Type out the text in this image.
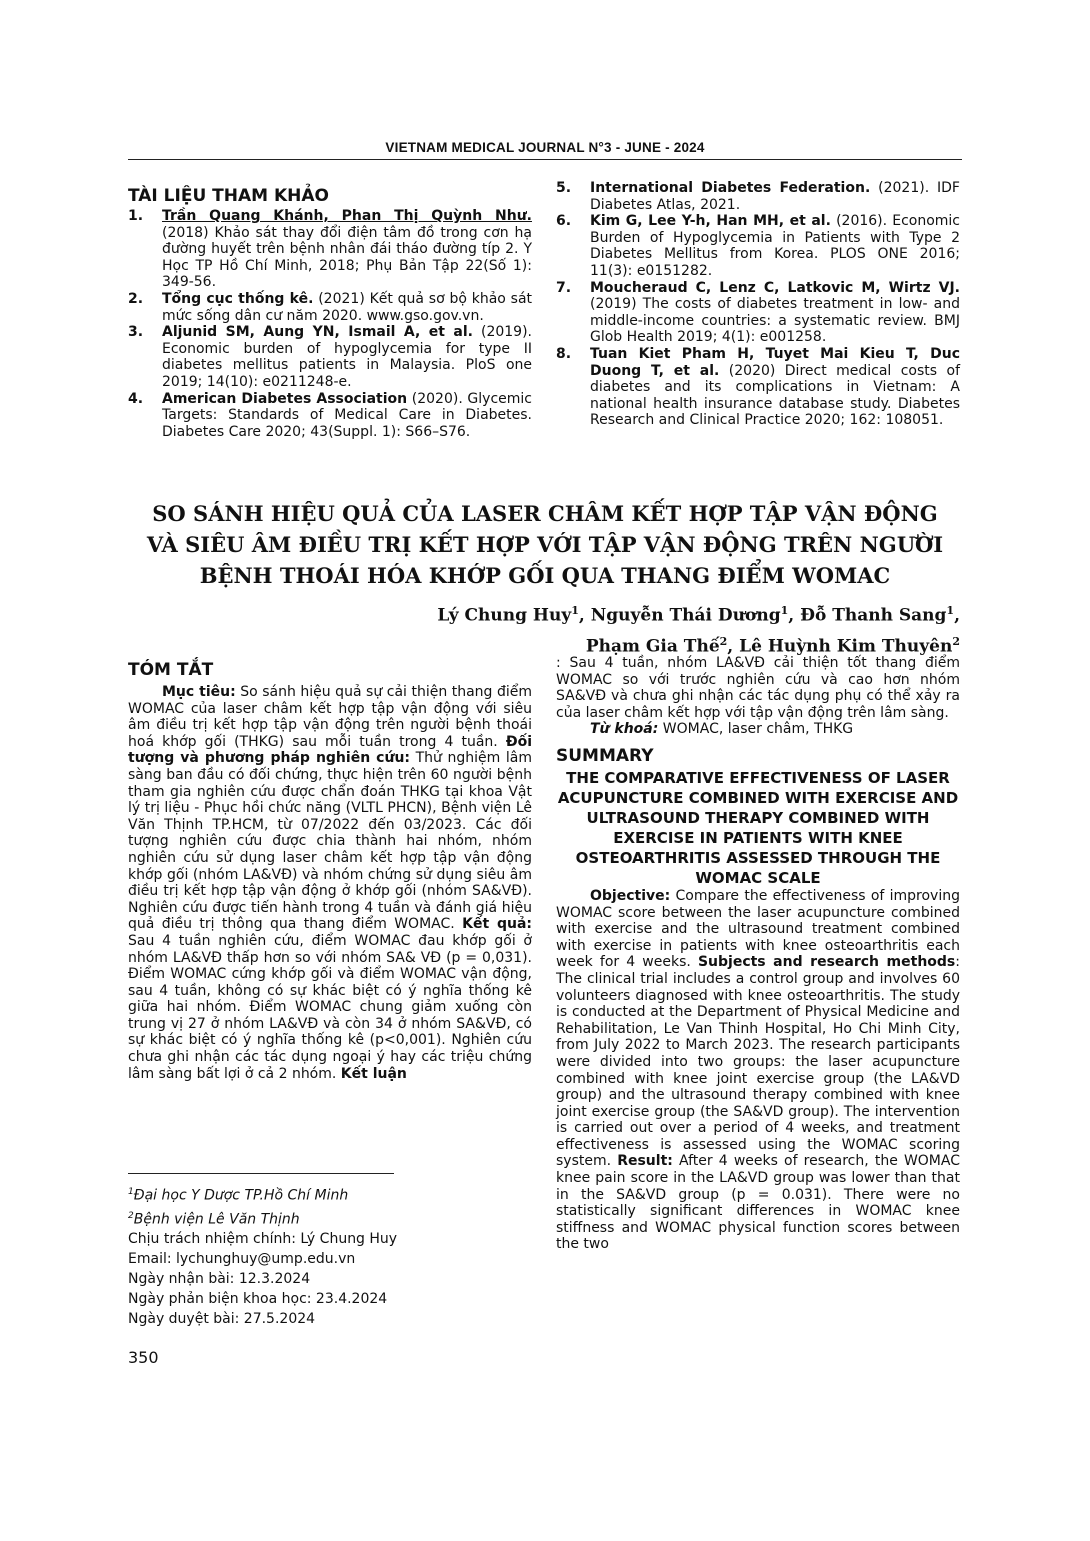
VIETNAM MEDICAL JOURNAL N°3 - JUNE - 2024
TÀI LIỆU THAM KHẢO
1.	Trần Quang Khánh, Phan Thị Quỳnh Như. (2018) Khảo sát thay đổi điện tâm đồ trong cơn hạ đường huyết trên bệnh nhân đái tháo đường típ 2. Y Học TP Hồ Chí Minh, 2018; Phụ Bản Tập 22(Số 1): 349-56.
2.	Tổng cục thống kê. (2021) Kết quả sơ bộ khảo sát mức sống dân cư năm 2020. www.gso.gov.vn.
3.	Aljunid SM, Aung YN, Ismail A, et al. (2019). Economic burden of hypoglycemia for type II diabetes mellitus patients in Malaysia. PloS one 2019; 14(10): e0211248-e.
4.	American Diabetes Association (2020). Glycemic Targets: Standards of Medical Care in Diabetes. Diabetes Care 2020; 43(Suppl. 1): S66–S76.
5.	International Diabetes Federation. (2021). IDF Diabetes Atlas, 2021.
6.	Kim G, Lee Y-h, Han MH, et al. (2016). Economic Burden of Hypoglycemia in Patients with Type 2 Diabetes Mellitus from Korea. PLOS ONE 2016; 11(3): e0151282.
7.	Moucheraud C, Lenz C, Latkovic M, Wirtz VJ. (2019) The costs of diabetes treatment in low- and middle-income countries: a systematic review. BMJ Glob Health 2019; 4(1): e001258.
8.	Tuan Kiet Pham H, Tuyet Mai Kieu T, Duc Duong T, et al. (2020) Direct medical costs of diabetes and its complications in Vietnam: A national health insurance database study. Diabetes Research and Clinical Practice 2020; 162: 108051.
SO SÁNH HIỆU QUẢ CỦA LASER CHÂM KẾT HỢP TẬP VẬN ĐỘNG
VÀ SIÊU ÂM ĐIỀU TRỊ KẾT HỢP VỚI TẬP VẬN ĐỘNG TRÊN NGƯỜI
BỆNH THOÁI HÓA KHỚP GỐI QUA THANG ĐIỂM WOMAC
Lý Chung Huy$^1$, Nguyễn Thái Dương$^1$, Đỗ Thanh Sang$^1$,
Phạm Gia Thế$^2$, Lê Huỳnh Kim Thuyên$^2$
TÓM TẮT

Mục tiêu: So sánh hiệu quả sự cải thiện thang điểm WOMAC của laser châm kết hợp tập vận động với siêu âm điều trị kết hợp tập vận động trên người bệnh thoái hoá khớp gối (THKG) sau mỗi tuần trong 4 tuần. Đối tượng và phương pháp nghiên cứu: Thử nghiệm lâm sàng ban đầu có đối chứng, thực hiện trên 60 người bệnh tham gia nghiên cứu được chẩn đoán THKG tại khoa Vật lý trị liệu - Phục hồi chức năng (VLTL PHCN), Bệnh viện Lê Văn Thịnh TP.HCM, từ 07/2022 đến 03/2023. Các đối tượng nghiên cứu được chia thành hai nhóm, nhóm nghiên cứu sử dụng laser châm kết hợp tập vận động khớp gối (nhóm LA&VĐ) và nhóm chứng sử dụng siêu âm điều trị kết hợp tập vận động ở khớp gối (nhóm SA&VĐ). Nghiên cứu được tiến hành trong 4 tuần và đánh giá hiệu quả điều trị thông qua thang điểm WOMAC. Kết quả: Sau 4 tuần nghiên cứu, điểm WOMAC đau khớp gối ở nhóm LA&VĐ thấp hơn so với nhóm SA& VĐ (p = 0,031). Điểm WOMAC cứng khớp gối và điểm WOMAC vận động, sau 4 tuần, không có sự khác biệt có ý nghĩa thống kê giữa hai nhóm. Điểm WOMAC chung giảm xuống còn trung vị 27 ở nhóm LA&VĐ và còn 34 ở nhóm SA&VĐ, có sự khác biệt có ý nghĩa thống kê (p<0,001). Nghiên cứu chưa ghi nhận các tác dụng ngoại ý hay các triệu chứng lâm sàng bất lợi ở cả 2 nhóm. Kết luận

: Sau 4 tuần, nhóm LA&VĐ cải thiện tốt thang điểm WOMAC so với trước nghiên cứu và cao hơn nhóm SA&VĐ và chưa ghi nhận các tác dụng phụ có thể xảy ra của laser châm kết hợp với tập vận động trên lâm sàng.

Từ khoá: WOMAC, laser châm, THKG

SUMMARY
THE COMPARATIVE EFFECTIVENESS OF LASER ACUPUNCTURE COMBINED WITH EXERCISE AND ULTRASOUND THERAPY COMBINED WITH EXERCISE IN PATIENTS WITH KNEE OSTEOARTHRITIS ASSESSED THROUGH THE WOMAC SCALE

Objective: Compare the effectiveness of improving WOMAC score between the laser acupuncture combined with exercise and the ultrasound treatment combined with exercise in patients with knee osteoarthritis each week for 4 weeks. Subjects and research methods: The clinical trial includes a control group and involves 60 volunteers diagnosed with knee osteoarthritis. The study is conducted at the Department of Physical Medicine and Rehabilitation, Le Van Thinh Hospital, Ho Chi Minh City, from July 2022 to March 2023. The research participants were divided into two groups: the laser acupuncture combined with knee joint exercise group (the LA&VD group) and the ultrasound therapy combined with knee joint exercise group (the SA&VD group). The intervention is carried out over a period of 4 weeks, and treatment effectiveness is assessed using the WOMAC scoring system. Result: After 4 weeks of research, the WOMAC knee pain score in the LA&VD group was lower than that in the SA&VD group (p = 0.031). There were no statistically significant differences in WOMAC knee stiffness and WOMAC physical function scores between the two

$^1$Đại học Y Dược TP.Hồ Chí Minh
$^2$Bệnh viện Lê Văn Thịnh
Chịu trách nhiệm chính: Lý Chung Huy
Email: lychunghuy@ump.edu.vn
Ngày nhận bài: 12.3.2024
Ngày phản biện khoa học: 23.4.2024
Ngày duyệt bài: 27.5.2024
350
